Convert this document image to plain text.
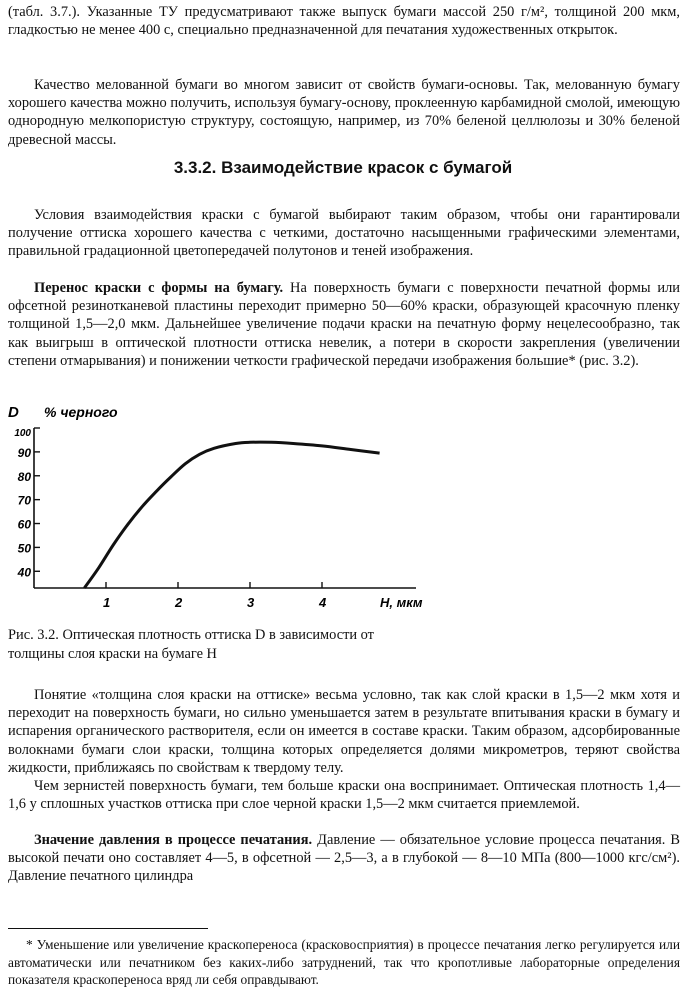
(табл. 3.7.). Указанные ТУ предусматривают также выпуск бумаги массой 250 г/м², толщиной 200 мкм, гладкостью не менее 400 с, специально предназначенной для печатания художественных открыток.

Качество мелованной бумаги во многом зависит от свойств бумаги-основы. Так, мелованную бумагу хорошего качества можно получить, используя бумагу-основу, проклеенную карбамидной смолой, имеющую однородную мелкопористую структуру, состоящую, например, из 70% беленой целлюлозы и 30% беленой древесной массы.

3.3.2. Взаимодействие красок с бумагой

Условия взаимодействия краски с бумагой выбирают таким образом, чтобы они гарантировали получение оттиска хорошего качества с четкими, достаточно насыщенными графическими элементами, правильной градационной цветопередачей полутонов и теней изображения.

Перенос краски с формы на бумагу. На поверхность бумаги с поверхности печатной формы или офсетной резинотканевой пластины переходит примерно 50—60% краски, образующей красочную пленку толщиной 1,5—2,0 мкм. Дальнейшее увеличение подачи краски на печатную форму нецелесообразно, так как выигрыш в оптической плотности оттиска невелик, а потери в скорости закрепления (увеличении степени отмарывания) и понижении четкости графической передачи изображения большие* (рис. 3.2).

D % черного
100
90
80
70
60
50
40
1	2	3	4	H, мкм

Рис. 3.2. Оптическая плотность оттиска D в зависимости от толщины слоя краски на бумаге H

Понятие «толщина слоя краски на оттиске» весьма условно, так как слой краски в 1,5—2 мкм хотя и переходит на поверхность бумаги, но сильно уменьшается затем в результате впитывания краски в бумагу и испарения органического растворителя, если он имеется в составе краски. Таким образом, адсорбированные волокнами бумаги слои краски, толщина которых определяется долями микрометров, теряют свойства жидкости, приближаясь по свойствам к твердому телу.

Чем зернистей поверхность бумаги, тем больше краски она воспринимает. Оптическая плотность 1,4—1,6 у сплошных участков оттиска при слое черной краски 1,5—2 мкм считается приемлемой.

Значение давления в процессе печатания. Давление — обязательное условие процесса печатания. В высокой печати оно составляет 4—5, в офсетной — 2,5—3, а в глубокой — 8—10 МПа (800—1000 кгс/см²). Давление печатного цилиндра

* Уменьшение или увеличение краскопереноса (красковосприятия) в процессе печатания легко регулируется или автоматически или печатником без каких-либо затруднений, так что кропотливые лабораторные определения показателя краскопереноса вряд ли себя оправдывают.
